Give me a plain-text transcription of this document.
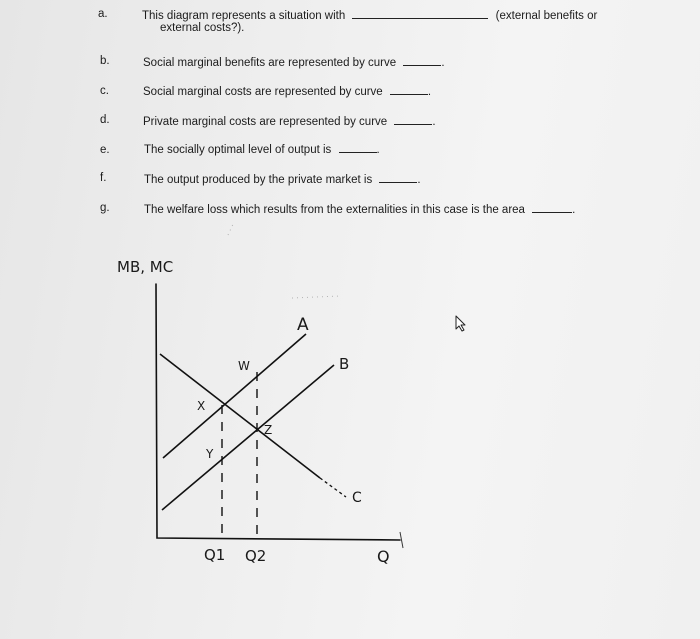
a.	This diagram represents a situation with	(external benefits or
external costs?).
b.	Social marginal benefits are represented by curve	.
c.	Social marginal costs are represented by curve	.
d.	Private marginal costs are represented by curve	.
e.	The socially optimal level of output is	.
f.	The output produced by the private market is	.
g.	The welfare loss which results from the externalities in this case is the area	.
MB, MC
A
B
C
W
X
Y
Z
Q1 Q2	Q
